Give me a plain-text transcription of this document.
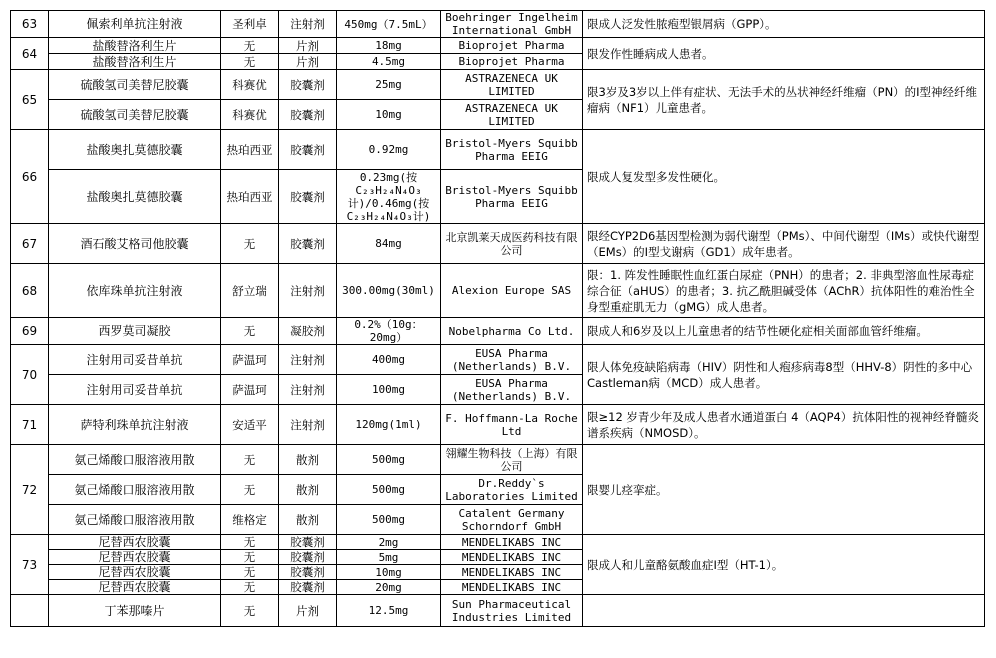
63	佩索利单抗注射液	圣利卓	注射剂	450mg（7.5mL）	Boehringer Ingelheim International GmbH	限成人泛发性脓疱型银屑病（GPP）。
64	盐酸替洛利生片	无	片剂	18mg	Bioprojet Pharma	限发作性睡病成人患者。
	盐酸替洛利生片	无	片剂	4.5mg	Bioprojet Pharma	
65	硫酸氢司美替尼胶囊	科赛优	胶囊剂	25mg	ASTRAZENECA UK LIMITED	限3岁及3岁以上伴有症状、无法手术的丛状神经纤维瘤（PN）的I型神经纤维瘤病（NF1）儿童患者。
	硫酸氢司美替尼胶囊	科赛优	胶囊剂	10mg	ASTRAZENECA UK LIMITED	
66	盐酸奥扎莫德胶囊	热珀西亚	胶囊剂	0.92mg	Bristol-Myers Squibb Pharma EEIG	限成人复发型多发性硬化。
	盐酸奥扎莫德胶囊	热珀西亚	胶囊剂	0.23mg(按C₂₃H₂₄N₄O₃计)/0.46mg(按C₂₃H₂₄N₄O₃计)	Bristol-Myers Squibb Pharma EEIG	
67	酒石酸艾格司他胶囊	无	胶囊剂	84mg	北京凯莱天成医药科技有限公司	限经CYP2D6基因型检测为弱代谢型（PMs）、中间代谢型（IMs）或快代谢型（EMs）的Ⅰ型戈谢病（GD1）成年患者。
68	依库珠单抗注射液	舒立瑞	注射剂	300.00mg(30ml)	Alexion Europe SAS	限：1. 阵发性睡眠性血红蛋白尿症（PNH）的患者；2. 非典型溶血性尿毒症综合征（aHUS）的患者；3. 抗乙酰胆碱受体（AChR）抗体阳性的难治性全身型重症肌无力（gMG）成人患者。
69	西罗莫司凝胶	无	凝胶剂	0.2%（10g：20mg）	Nobelpharma Co Ltd.	限成人和6岁及以上儿童患者的结节性硬化症相关面部血管纤维瘤。
70	注射用司妥昔单抗	萨温珂	注射剂	400mg	EUSA Pharma (Netherlands) B.V.	限人体免疫缺陷病毒（HIV）阴性和人疱疹病毒8型（HHV-8）阴性的多中心Castleman病（MCD）成人患者。
	注射用司妥昔单抗	萨温珂	注射剂	100mg	EUSA Pharma (Netherlands) B.V.	
71	萨特利珠单抗注射液	安适平	注射剂	120mg(1ml)	F. Hoffmann-La Roche Ltd	限≥12 岁青少年及成人患者水通道蛋白 4（AQP4）抗体阳性的视神经脊髓炎谱系疾病（NMOSD）。
72	氨己烯酸口服溶液用散	无	散剂	500mg	翎耀生物科技（上海）有限公司	限婴儿痉挛症。
	氨己烯酸口服溶液用散	无	散剂	500mg	Dr.Reddy`s Laboratories Limited	
	氨己烯酸口服溶液用散	维格定	散剂	500mg	Catalent Germany Schorndorf GmbH	
73	尼替西农胶囊	无	胶囊剂	2mg	MENDELIKABS INC	限成人和儿童酪氨酸血症Ⅰ型（HT-1）。
	尼替西农胶囊	无	胶囊剂	5mg	MENDELIKABS INC	
	尼替西农胶囊	无	胶囊剂	10mg	MENDELIKABS INC	
	尼替西农胶囊	无	胶囊剂	20mg	MENDELIKABS INC	
	丁苯那嗪片	无	片剂	12.5mg	Sun Pharmaceutical Industries Limited	
